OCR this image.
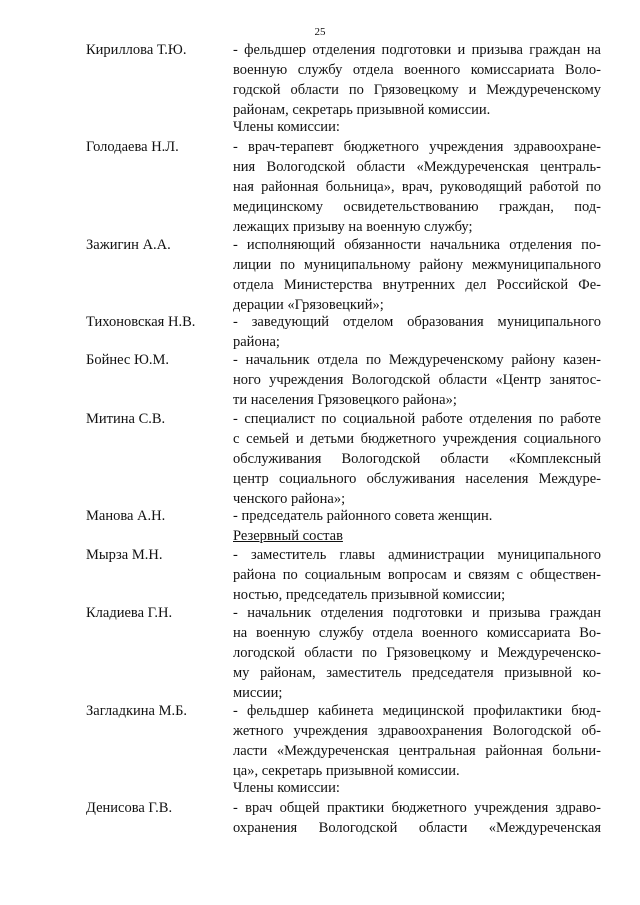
25
Кириллова Т.Ю.	- фельдшер отделения подготовки и призыва граждан на
военную службу отдела военного комиссариата Воло-
годской области по Грязовецкому и Междуреченскому
районам, секретарь призывной комиссии.
Члены комиссии:
Голодаева Н.Л.	- врач-терапевт бюджетного учреждения здравоохране-
ния Вологодской области «Междуреченская централь-
ная районная больница», врач, руководящий работой по
медицинскому освидетельствованию граждан, под-
лежащих призыву на военную службу;
Зажигин А.А.	- исполняющий обязанности начальника отделения по-
лиции по муниципальному району межмуниципального
отдела Министерства внутренних дел Российской Фе-
дерации «Грязовецкий»;
Тихоновская Н.В.	- заведующий отделом образования муниципального
района;
Бойнес Ю.М.	- начальник отдела по Междуреченскому району казен-
ного учреждения Вологодской области «Центр занятос-
ти населения Грязовецкого района»;
Митина С.В.	- специалист по социальной работе отделения по работе
с семьей и детьми бюджетного учреждения социального
обслуживания Вологодской области «Комплексный
центр социального обслуживания населения Междуре-
ченского района»;
Манова А.Н.	- председатель районного совета женщин.
Резервный состав
Мырза М.Н.	- заместитель главы администрации муниципального
района по социальным вопросам и связям с обществен-
ностью, председатель призывной комиссии;
Кладиева Г.Н.	- начальник отделения подготовки и призыва граждан
на военную службу отдела военного комиссариата Во-
логодской области по Грязовецкому и Междуреченско-
му районам, заместитель председателя призывной ко-
миссии;
Загладкина М.Б.	- фельдшер кабинета медицинской профилактики бюд-
жетного учреждения здравоохранения Вологодской об-
ласти «Междуреченская центральная районная больни-
ца», секретарь призывной комиссии.
Члены комиссии:
Денисова Г.В.	- врач общей практики бюджетного учреждения здраво-
охранения Вологодской области «Междуреченская
